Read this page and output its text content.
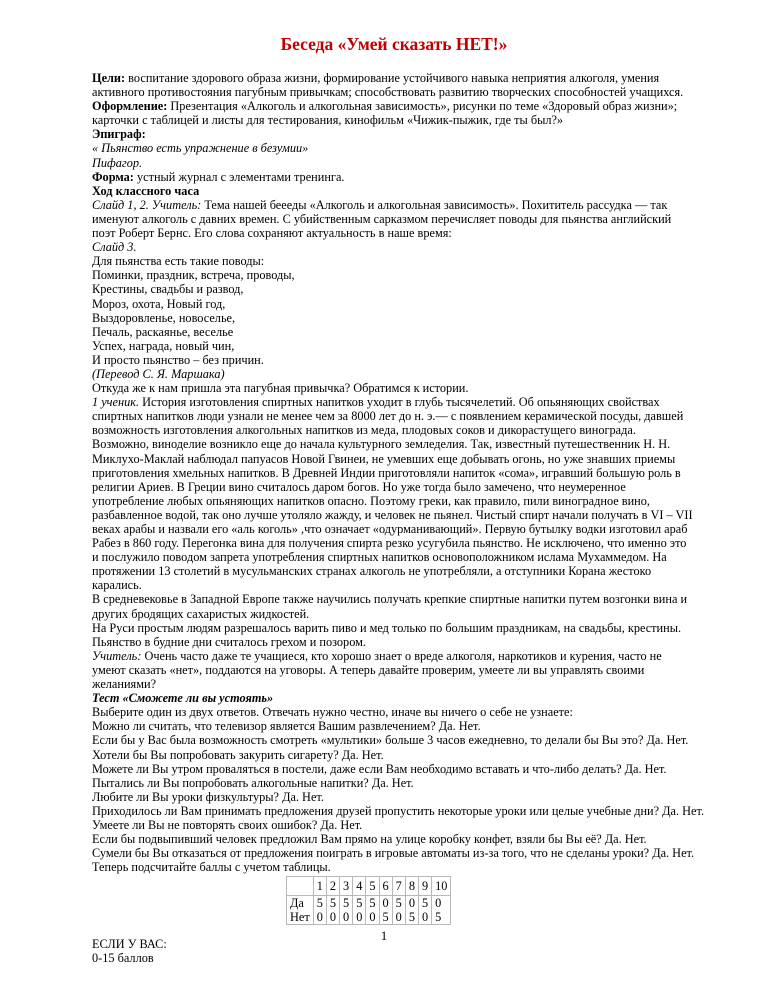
Беседа «Умей сказать НЕТ!»

Цели: воспитание здорового образа жизни, формирование устойчивого навыка неприятия алкоголя, умения активного противостояния пагубным привычкам; способствовать развитию творческих способностей учащихся.

Оформление: Презентация «Алкоголь и алкогольная зависимость», рисунки по теме «Здоровый образ жизни»; карточки с таблицей и листы для тестирования, кинофильм «Чижик-пыжик, где ты был?»

Эпиграф:

« Пьянство есть упражнение в безумии»

Пифагор.

Форма: устный журнал с элементами тренинга.

Ход классного часа

Слайд 1, 2. Учитель: Тема нашей беееды «Алкоголь и алкогольная зависимость». Похититель рассудка — так именуют алкоголь с давних времен. С убийственным сарказмом перечисляет поводы для пьянства английский поэт Роберт Бернс. Его слова сохраняют актуальность в наше время:

Слайд 3.

Для пьянства есть такие поводы:

Поминки, праздник, встреча, проводы,

Крестины, свадьбы и развод,

Мороз, охота, Новый год,

Выздоровленье, новоселье,

Печаль, раскаянье, веселье

Успех, награда, новый чин,

И просто пьянство – без причин.

(Перевод С. Я. Маршака)

Откуда же к нам пришла эта пагубная привычка? Обратимся к истории.

1 ученик. История изготовления спиртных напитков уходит в глубь тысячелетий. Об опьяняющих свойствах спиртных напитков люди узнали не менее чем за 8000 лет до н. э.— с появлением керамической посуды, давшей возможность изготовления алкогольных напитков из меда, плодовых соков и дикорастущего винограда.

Возможно, виноделие возникло еще до начала культурного земледелия. Так, известный путешественник Н. Н. Миклухо-Маклай наблюдал папуасов Новой Гвинеи, не умевших еще добывать огонь, но уже знавших приемы приготовления хмельных напитков. В Древней Индии приготовляли напиток «сома», игравший большую роль в религии Ариев. В Греции вино считалось даром богов. Но уже тогда было замечено, что неумеренное употребление любых опьяняющих напитков опасно. Поэтому греки, как правило, пили виноградное вино, разбавленное водой, так оно лучше утоляло жажду, и человек не пьянел. Чистый спирт начали получать в VI – VII веках арабы и назвали его «аль коголь» ,что означает «одурманивающий». Первую бутылку водки изготовил араб Рабез в 860 году. Перегонка вина для получения спирта резко усугубила пьянство. Не исключено, что именно это и послужило поводом запрета употребления спиртных напитков основоположником ислама Мухаммедом. На протяжении 13 столетий в мусульманских странах алкоголь не употребляли, а отступники Корана жестоко карались.

В средневековье в Западной Европе также научились получать крепкие спиртные напитки путем возгонки вина и других бродящих сахаристых жидкостей.

На Руси простым людям разрешалось варить пиво и мед только по большим праздникам, на свадьбы, крестины. Пьянство в будние дни считалось грехом и позором.

Учитель: Очень часто даже те учащиеся, кто хорошо знает о вреде алкоголя, наркотиков и курения, часто не умеют сказать «нет», поддаются на уговоры. А теперь давайте проверим, умеете ли вы управлять своими желаниями?

Тест «Сможете ли вы устоять»

Выберите один из двух ответов. Отвечать нужно честно, иначе вы ничего о себе не узнаете:

Можно ли считать, что телевизор является Вашим развлечением? Да. Нет.

Если бы у Вас была возможность смотреть «мультики» больше 3 часов ежедневно, то делали бы Вы это? Да. Нет.

Хотели бы Вы попробовать закурить сигарету? Да. Нет.

Можете ли Вы утром проваляться в постели, даже если Вам необходимо вставать и что-либо делать? Да. Нет.

Пытались ли Вы попробовать алкогольные напитки? Да. Нет.

Любите ли Вы уроки физкультуры? Да. Нет.

Приходилось ли Вам принимать предложения друзей пропустить некоторые уроки или целые учебные дни? Да. Нет.

Умеете ли Вы не повторять своих ошибок? Да. Нет.

Если бы подвыпивший человек предложил Вам прямо на улице коробку конфет, взяли бы Вы её? Да. Нет.

Сумели бы Вы отказаться от предложения поиграть в игровые автоматы из-за того, что не сделаны уроки? Да. Нет.

Теперь подсчитайте баллы с учетом таблицы.

	1	2	3	4	5	6	7	8	9	10
Да	5	5	5	5	5	0	5	0	5	0
Нет	0	0	0	0	0	5	0	5	0	5

ЕСЛИ У ВАС:

0-15 баллов

1
